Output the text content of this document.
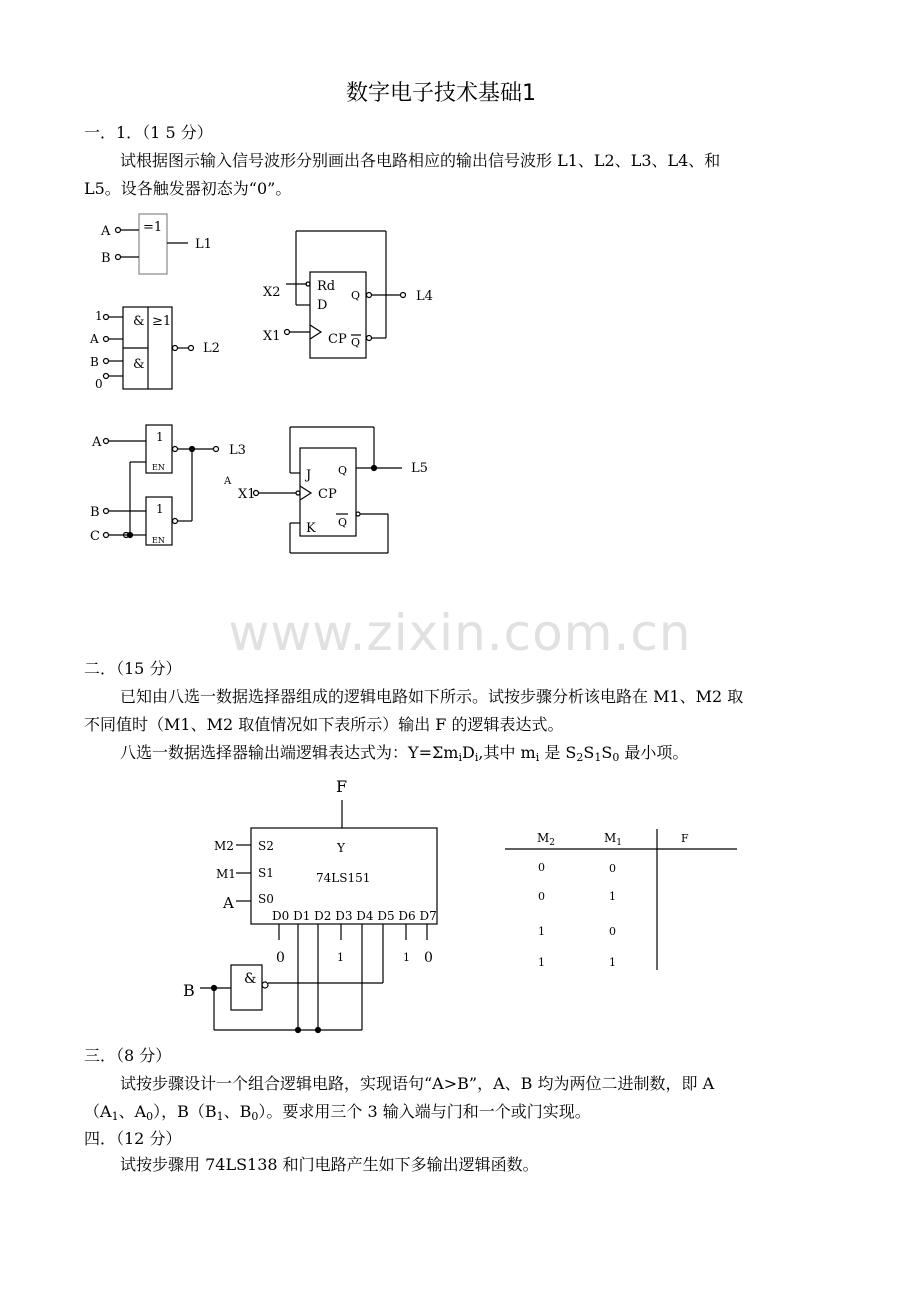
www.zixin.com.cn
数字电子技术基础1
一．1．（1 5 分）
试根据图示输入信号波形分别画出各电路相应的输出信号波形 L1、L2、L3、L4、和
L5。设各触发器初态为“0”。
二．（15 分）
已知由八选一数据选择器组成的逻辑电路如下所示。试按步骤分析该电路在 M1、M2 取
不同值时（M1、M2 取值情况如下表所示）输出 F 的逻辑表达式。
八选一数据选择器输出端逻辑表达式为：$Y=\Sigma m_iD_i$,其中 $m_i$ 是 $S_2S_1S_0$ 最小项。
三．（8 分）
试按步骤设计一个组合逻辑电路，实现语句“A>B”，A、B 均为两位二进制数，即 A
（$A_1$、$A_0$），$B(B_1$、$B_0$）。要求用三个 3 输入端与门和一个或门实现。
四．（12 分）
试按步骤用 74LS138 和门电路产生如下多输出逻辑函数。
=1
A
B
L1
&
&
≥1
1
A
B
0
L2
1
1
EN
EN
A
B
C
L3
Rd
D
CP
Q
Q
X2
X1
L4
J
CP
K
Q
Q
A
X1
L5
F
Y
74LS151
S2
S1
S0
M2
M1
A
D0 D1 D2 D3 D4 D5 D6 D7
0	1	1 0
&
B
$M_2$	$M_1$	F
0	0
0	1
1	0
1	1
